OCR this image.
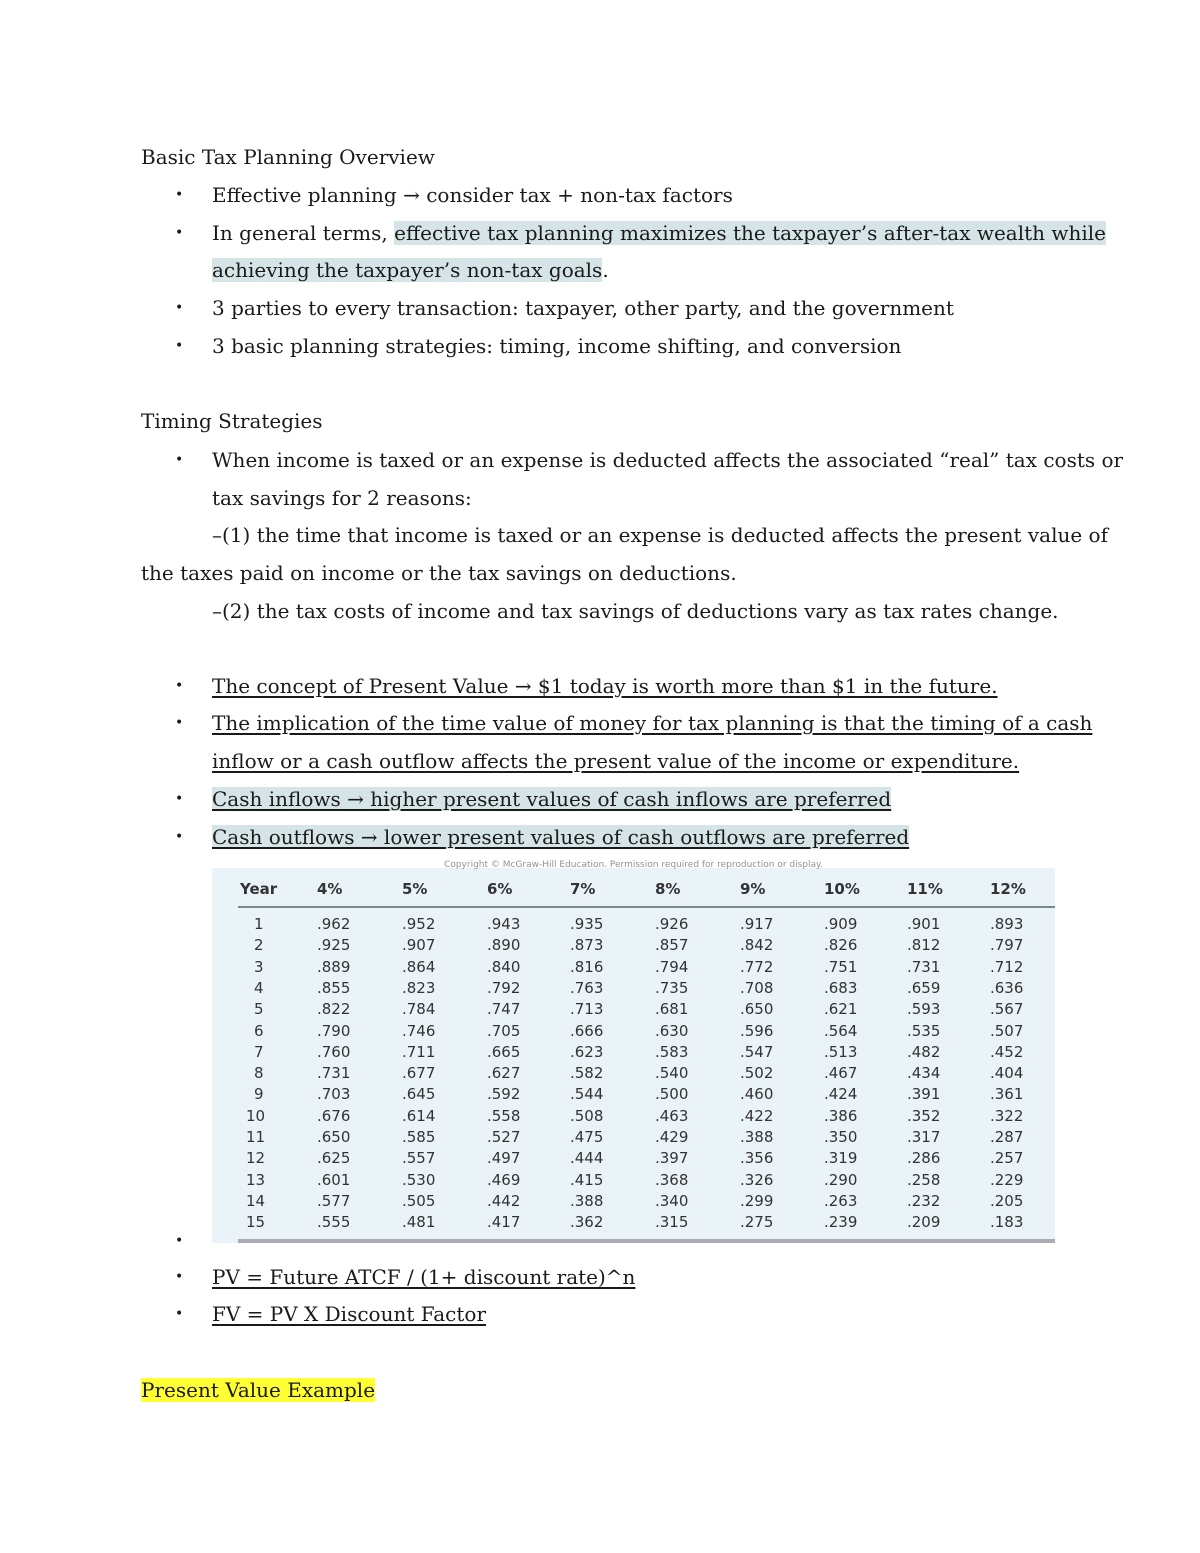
Basic Tax Planning Overview
• Effective planning → consider tax + non-tax factors
• In general terms, effective tax planning maximizes the taxpayer’s after-tax wealth while
achieving the taxpayer’s non-tax goals.
• 3 parties to every transaction: taxpayer, other party, and the government
• 3 basic planning strategies: timing, income shifting, and conversion
Timing Strategies
• When income is taxed or an expense is deducted affects the associated “real” tax costs or
tax savings for 2 reasons:
–(1) the time that income is taxed or an expense is deducted affects the present value of
the taxes paid on income or the tax savings on deductions.
–(2) the tax costs of income and tax savings of deductions vary as tax rates change.
• The concept of Present Value → $1 today is worth more than $1 in the future.
• The implication of the time value of money for tax planning is that the timing of a cash
inflow or a cash outflow affects the present value of the income or expenditure.
• Cash inflows → higher present values of cash inflows are preferred
• Cash outflows → lower present values of cash outflows are preferred
Copyright © McGraw-Hill Education. Permission required for reproduction or display.
Year	4%	5%	6%	7%	8%	9%	10%	11%	12%
1	.962	.952	.943	.935	.926	.917	.909	.901	.893
2	.925	.907	.890	.873	.857	.842	.826	.812	.797
3	.889	.864	.840	.816	.794	.772	.751	.731	.712
4	.855	.823	.792	.763	.735	.708	.683	.659	.636
5	.822	.784	.747	.713	.681	.650	.621	.593	.567
6	.790	.746	.705	.666	.630	.596	.564	.535	.507
7	.760	.711	.665	.623	.583	.547	.513	.482	.452
8	.731	.677	.627	.582	.540	.502	.467	.434	.404
9	.703	.645	.592	.544	.500	.460	.424	.391	.361
10	.676	.614	.558	.508	.463	.422	.386	.352	.322
11	.650	.585	.527	.475	.429	.388	.350	.317	.287
12	.625	.557	.497	.444	.397	.356	.319	.286	.257
13	.601	.530	.469	.415	.368	.326	.290	.258	.229
14	.577	.505	.442	.388	.340	.299	.263	.232	.205
15	.555	.481	.417	.362	.315	.275	.239	.209	.183
•
• PV = Future ATCF / (1+ discount rate)^n
• FV = PV X Discount Factor
Present Value Example
